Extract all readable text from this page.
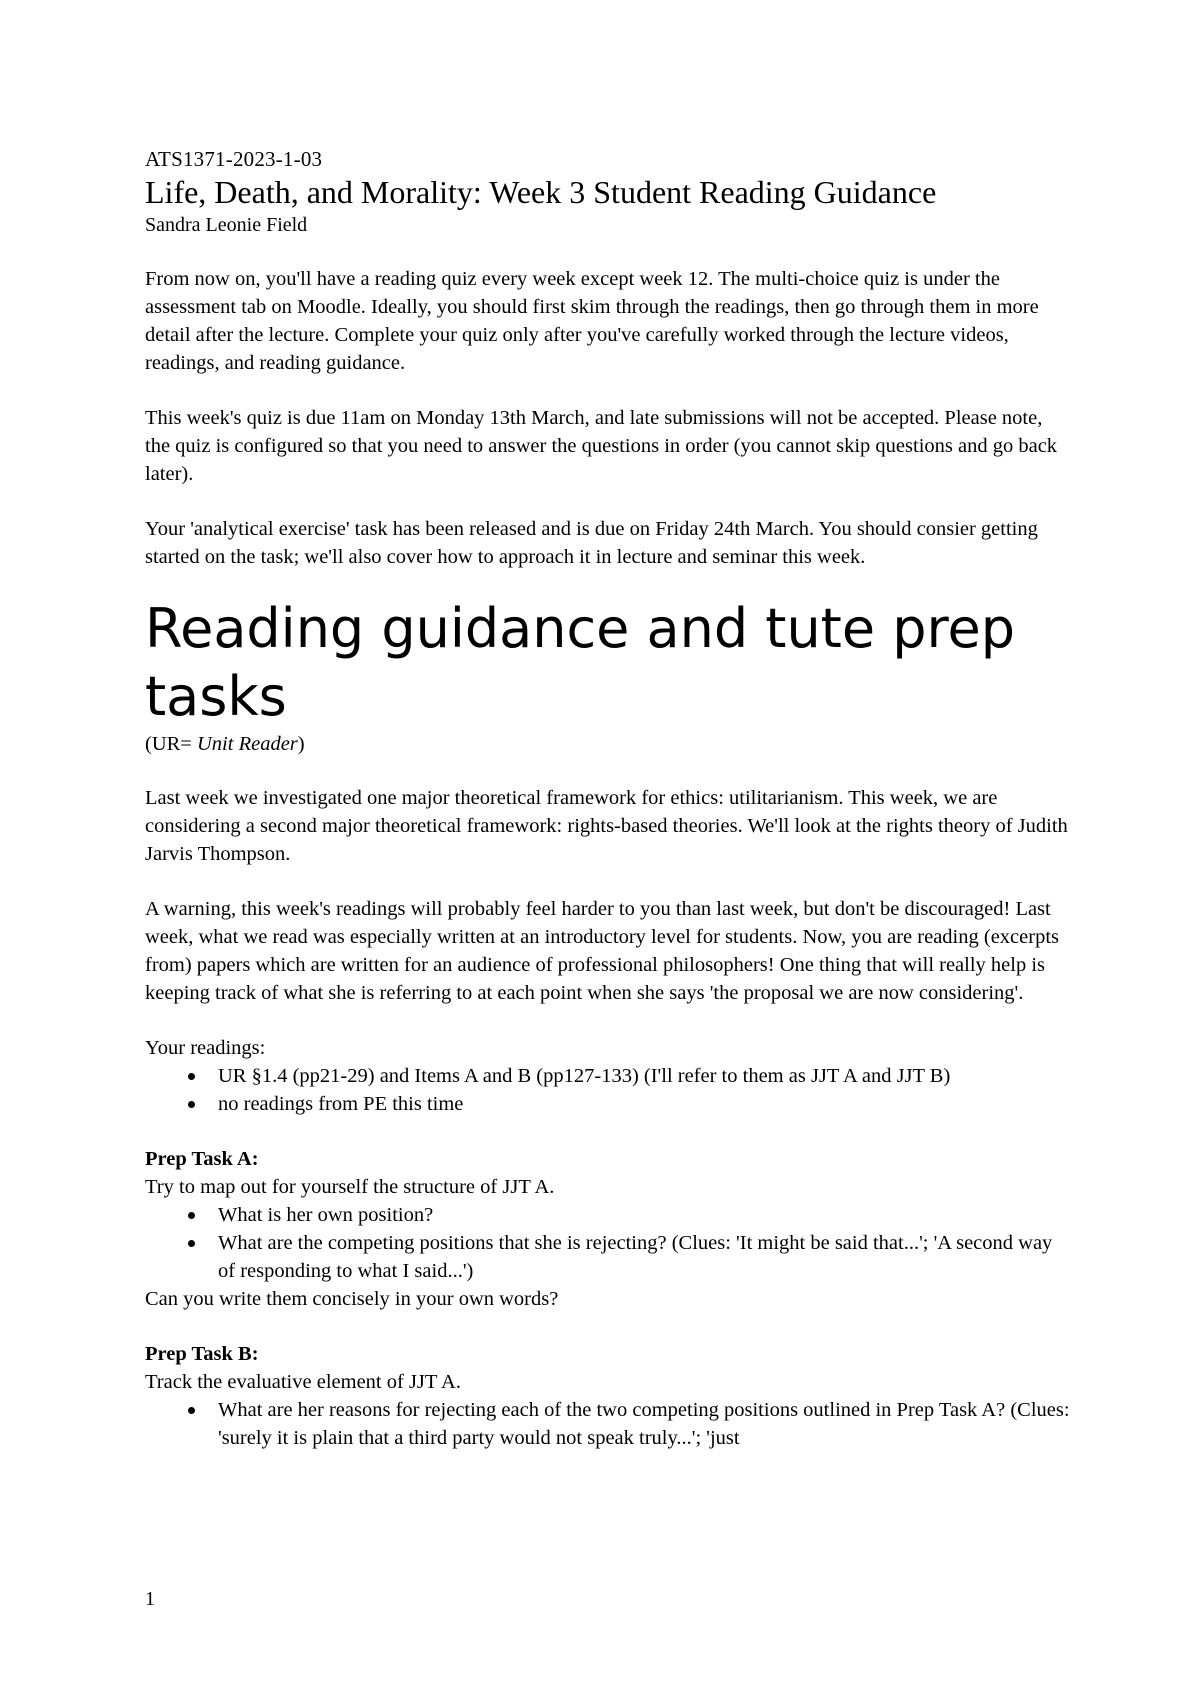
ATS1371-2023-1-03
Life, Death, and Morality: Week 3 Student Reading Guidance
Sandra Leonie Field

From now on, you'll have a reading quiz every week except week 12. The multi-choice quiz is under the assessment tab on Moodle. Ideally, you should first skim through the readings, then go through them in more detail after the lecture. Complete your quiz only after you've carefully worked through the lecture videos, readings, and reading guidance.

This week's quiz is due 11am on Monday 13th March, and late submissions will not be accepted. Please note, the quiz is configured so that you need to answer the questions in order (you cannot skip questions and go back later).

Your 'analytical exercise' task has been released and is due on Friday 24th March. You should consier getting started on the task; we'll also cover how to approach it in lecture and seminar this week.

Reading guidance and tute prep tasks
(UR= Unit Reader)

Last week we investigated one major theoretical framework for ethics: utilitarianism. This week, we are considering a second major theoretical framework: rights-based theories. We'll look at the rights theory of Judith Jarvis Thompson.

A warning, this week's readings will probably feel harder to you than last week, but don't be discouraged! Last week, what we read was especially written at an introductory level for students. Now, you are reading (excerpts from) papers which are written for an audience of professional philosophers! One thing that will really help is keeping track of what she is referring to at each point when she says 'the proposal we are now considering'.

Your readings:

UR §1.4 (pp21-29) and Items A and B (pp127-133) (I'll refer to them as JJT A and JJT B)
no readings from PE this time

Prep Task A:

Try to map out for yourself the structure of JJT A.

What is her own position?
What are the competing positions that she is rejecting? (Clues: 'It might be said that...'; 'A second way of responding to what I said...')

Can you write them concisely in your own words?

Prep Task B:

Track the evaluative element of JJT A.

What are her reasons for rejecting each of the two competing positions outlined in Prep Task A? (Clues: 'surely it is plain that a third party would not speak truly...'; 'just
1
